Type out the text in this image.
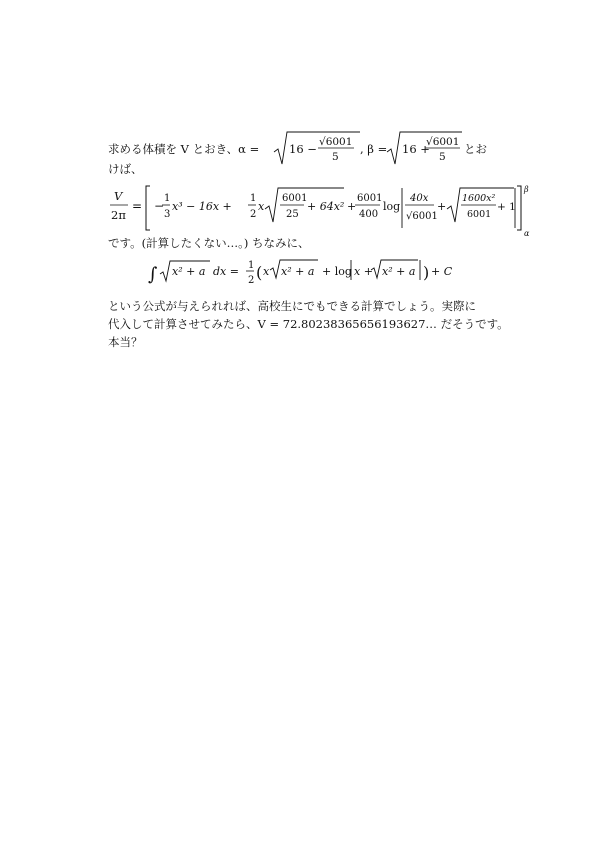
求める体積を V とおき、α =	16 − √6001
5
, β = 16 +
√6001
5
とお
けば、
V
2π
= −
1
3
x³ − 16x +
1
2
x
6001
25
+ 64x² +
6001
400
log
40x
√6001
+
1600x²
6001
+ 1
β
α
です。(計算したくない…。) ちなみに、
∫ x² + a dx = 1
2 ( x x² + a + log x + x² + a ) + C
という公式が与えられれば、高校生にでもできる計算でしょう。実際に
代入して計算させてみたら、V = 72.80238365656193627… だそうです。
本当？
